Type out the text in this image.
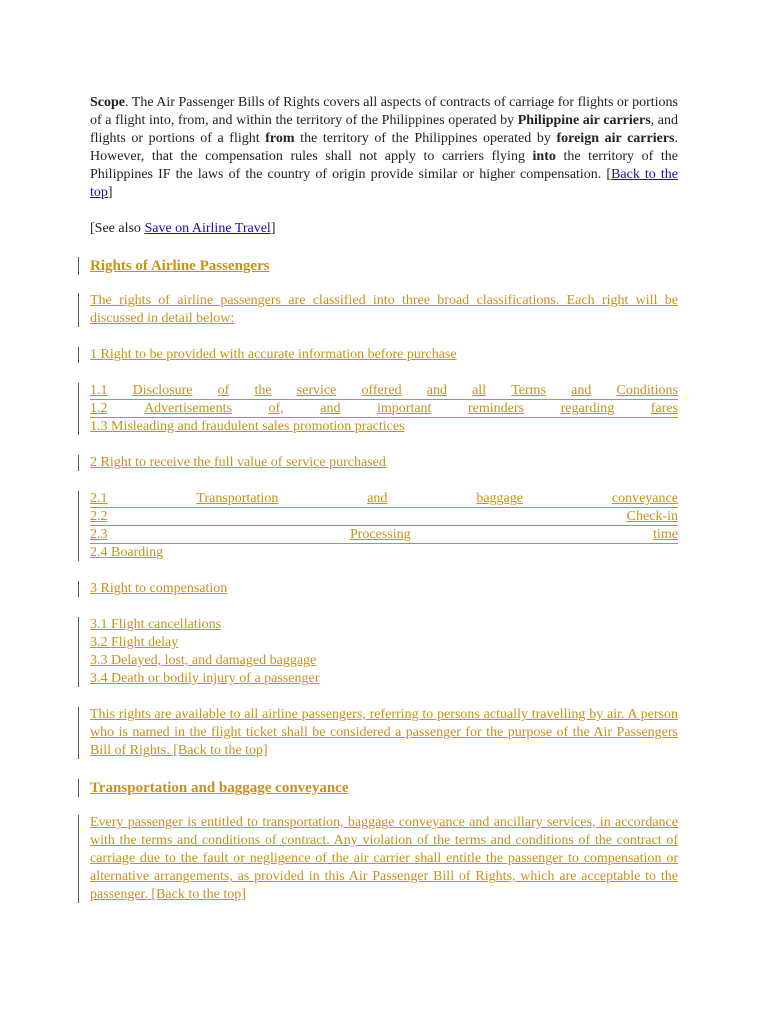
Scope. The Air Passenger Bills of Rights covers all aspects of contracts of carriage for flights or portions of a flight into, from, and within the territory of the Philippines operated by Philippine air carriers, and flights or portions of a flight from the territory of the Philippines operated by foreign air carriers. However, that the compensation rules shall not apply to carriers flying into the territory of the Philippines IF the laws of the country of origin provide similar or higher compensation. [Back to the top]

[See also Save on Airline Travel]

Rights of Airline Passengers
The rights of airline passengers are classified into three broad classifications. Each right will be discussed in detail below:
1 Right to be provided with accurate information before purchase
1.1 Disclosure of the service offered and all Terms and Conditions
1.2	Advertisements	of,	and	important	reminders	regarding	fares
1.3 Misleading and fraudulent sales promotion practices
2 Right to receive the full value of service purchased
2.1	Transportation	and	baggage	conveyance
2.2	Check-in
2.3	Processing	time
2.4 Boarding
3 Right to compensation
3.1 Flight cancellations
3.2 Flight delay
3.3 Delayed, lost, and damaged baggage
3.4 Death or bodily injury of a passenger
This rights are available to all airline passengers, referring to persons actually travelling by air. A person who is named in the flight ticket shall be considered a passenger for the purpose of the Air Passengers Bill of Rights. [Back to the top]
Transportation and baggage conveyance
Every passenger is entitled to transportation, baggage conveyance and ancillary services, in accordance with the terms and conditions of contract. Any violation of the terms and conditions of the contract of carriage due to the fault or negligence of the air carrier shall entitle the passenger to compensation or alternative arrangements, as provided in this Air Passenger Bill of Rights, which are acceptable to the passenger. [Back to the top]
